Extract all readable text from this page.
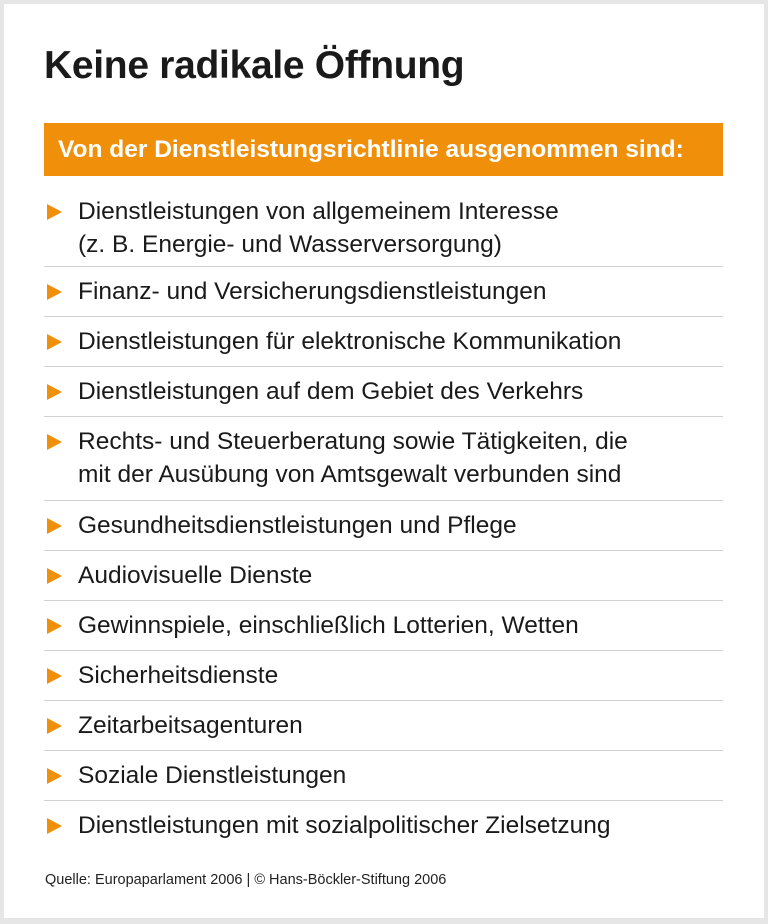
Keine radikale Öffnung
Von der Dienstleistungsrichtlinie ausgenommen sind:
Dienstleistungen von allgemeinem Interesse
(z. B. Energie- und Wasserversorgung)
Finanz- und Versicherungsdienstleistungen
Dienstleistungen für elektronische Kommunikation
Dienstleistungen auf dem Gebiet des Verkehrs
Rechts- und Steuerberatung sowie Tätigkeiten, die
mit der Ausübung von Amtsgewalt verbunden sind
Gesundheitsdienstleistungen und Pflege
Audiovisuelle Dienste
Gewinnspiele, einschließlich Lotterien, Wetten
Sicherheitsdienste
Zeitarbeitsagenturen
Soziale Dienstleistungen
Dienstleistungen mit sozialpolitischer Zielsetzung
Quelle: Europaparlament 2006 | © Hans-Böckler-Stiftung 2006
